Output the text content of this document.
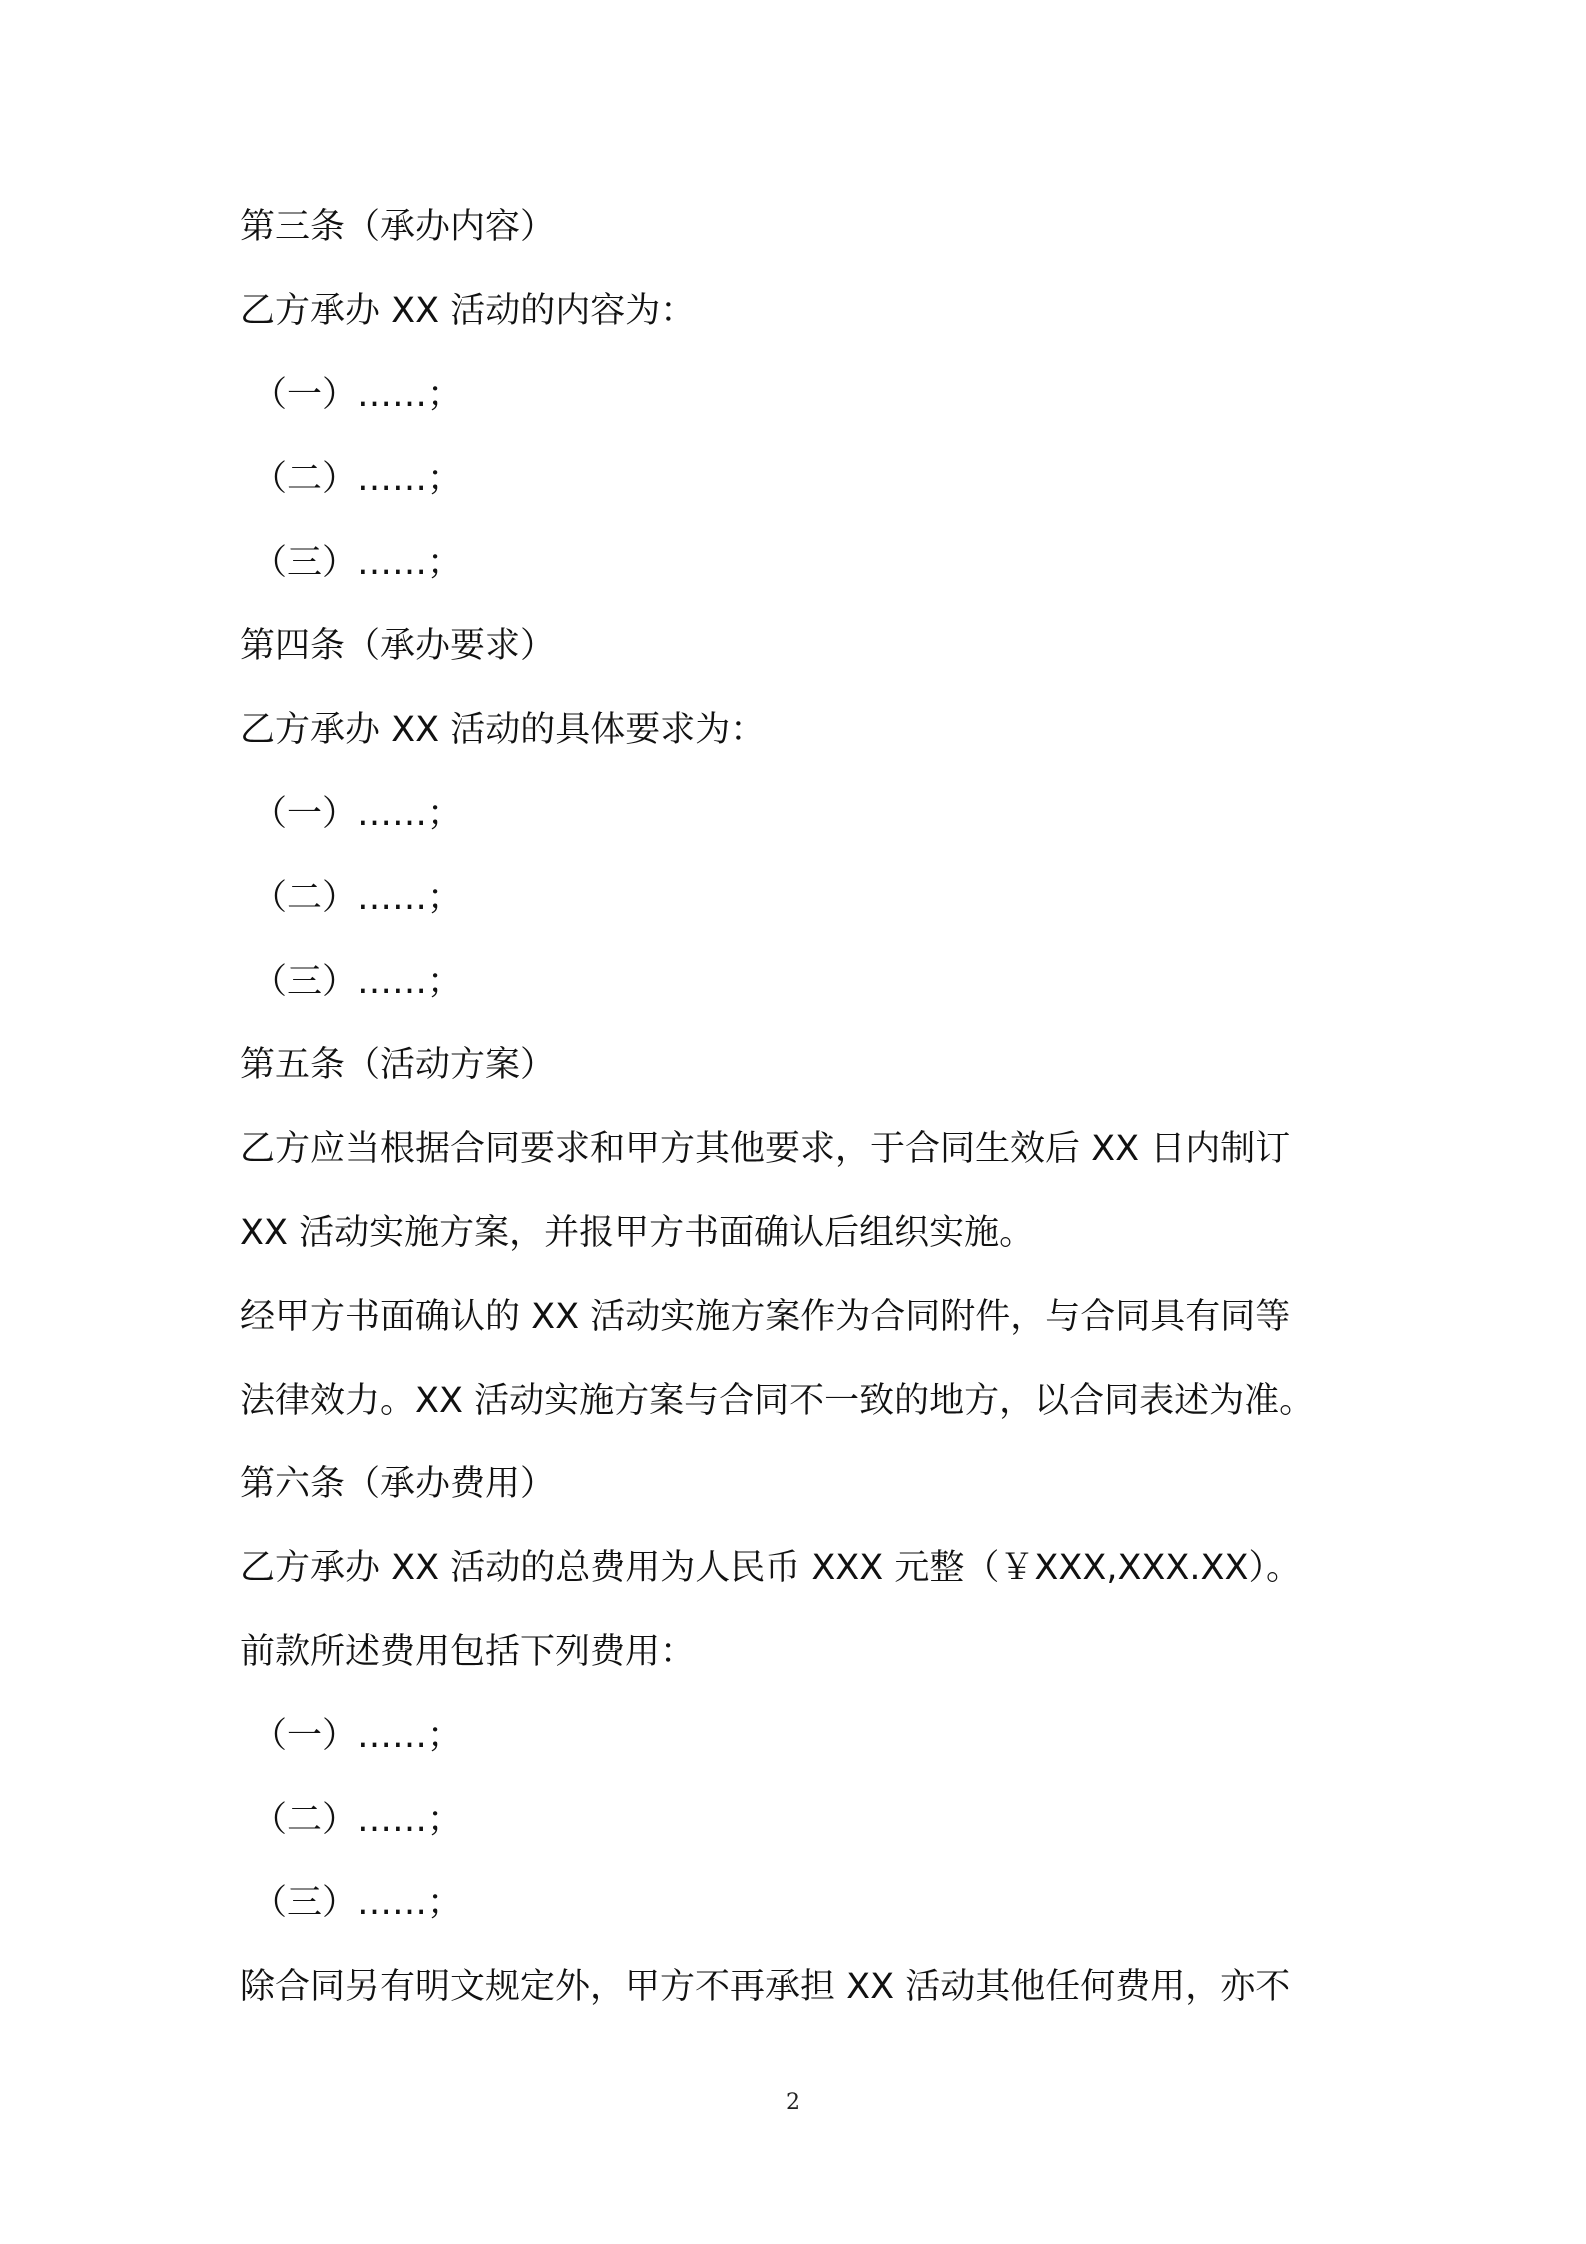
第三条（承办内容）
乙方承办 XX 活动的内容为：
（一）……；
（二）……；
（三）……；
第四条（承办要求）
乙方承办 XX 活动的具体要求为：
（一）……；
（二）……；
（三）……；
第五条（活动方案）
乙方应当根据合同要求和甲方其他要求，于合同生效后 XX 日内制订
XX 活动实施方案，并报甲方书面确认后组织实施。
经甲方书面确认的 XX 活动实施方案作为合同附件，与合同具有同等
法律效力。XX 活动实施方案与合同不一致的地方，以合同表述为准。
第六条（承办费用）
乙方承办 XX 活动的总费用为人民币 XXX 元整（￥XXX,XXX.XX）。
前款所述费用包括下列费用：
（一）……；
（二）……；
（三）……；
除合同另有明文规定外，甲方不再承担 XX 活动其他任何费用，亦不
2
